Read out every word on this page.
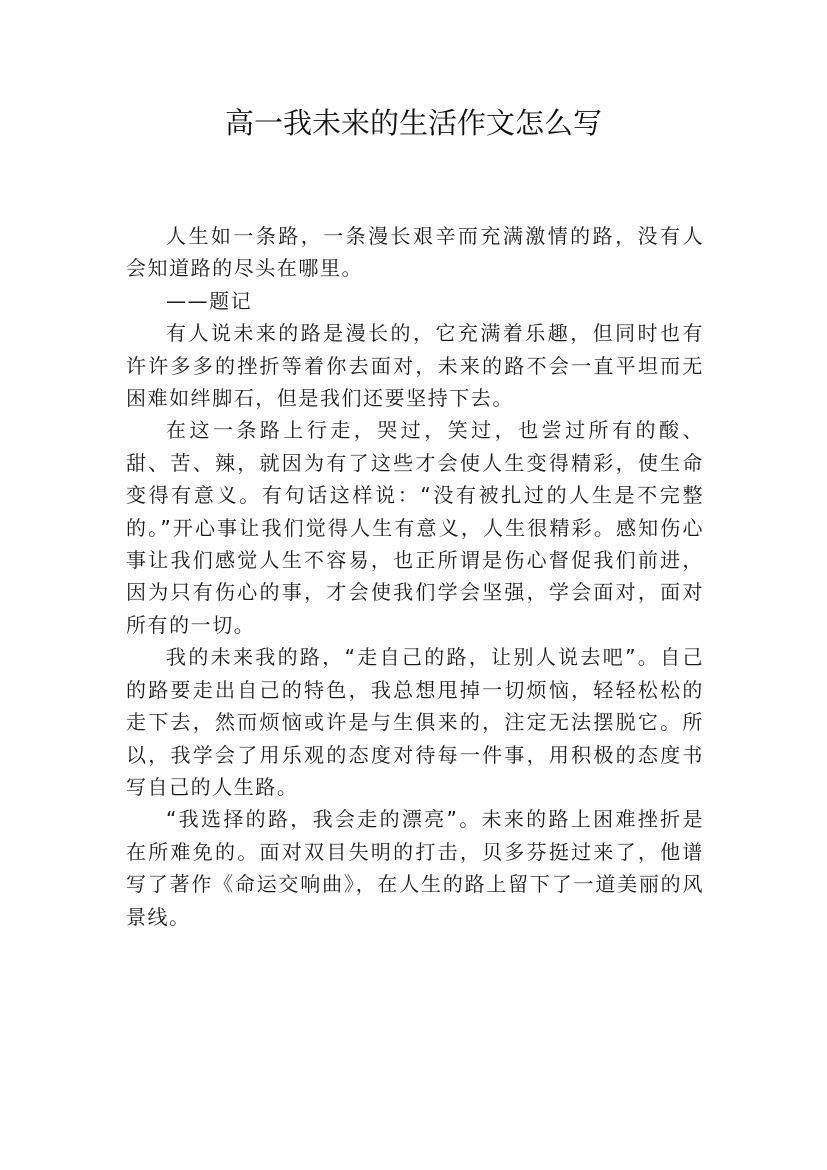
高一我未来的生活作文怎么写

人生如一条路，一条漫长艰辛而充满激情的路，没有人会知道路的尽头在哪里。

——题记

有人说未来的路是漫长的，它充满着乐趣，但同时也有许许多多的挫折等着你去面对，未来的路不会一直平坦而无困难如绊脚石，但是我们还要坚持下去。

在这一条路上行走，哭过，笑过，也尝过所有的酸、甜、苦、辣，就因为有了这些才会使人生变得精彩，使生命变得有意义。有句话这样说：“没有被扎过的人生是不完整的。”开心事让我们觉得人生有意义，人生很精彩。感知伤心事让我们感觉人生不容易，也正所谓是伤心督促我们前进，因为只有伤心的事，才会使我们学会坚强，学会面对，面对所有的一切。

我的未来我的路，“走自己的路，让别人说去吧”。自己的路要走出自己的特色，我总想甩掉一切烦恼，轻轻松松的走下去，然而烦恼或许是与生俱来的，注定无法摆脱它。所以，我学会了用乐观的态度对待每一件事，用积极的态度书写自己的人生路。

“我选择的路，我会走的漂亮”。未来的路上困难挫折是在所难免的。面对双目失明的打击，贝多芬挺过来了，他谱写了著作《命运交响曲》，在人生的路上留下了一道美丽的风景线。
